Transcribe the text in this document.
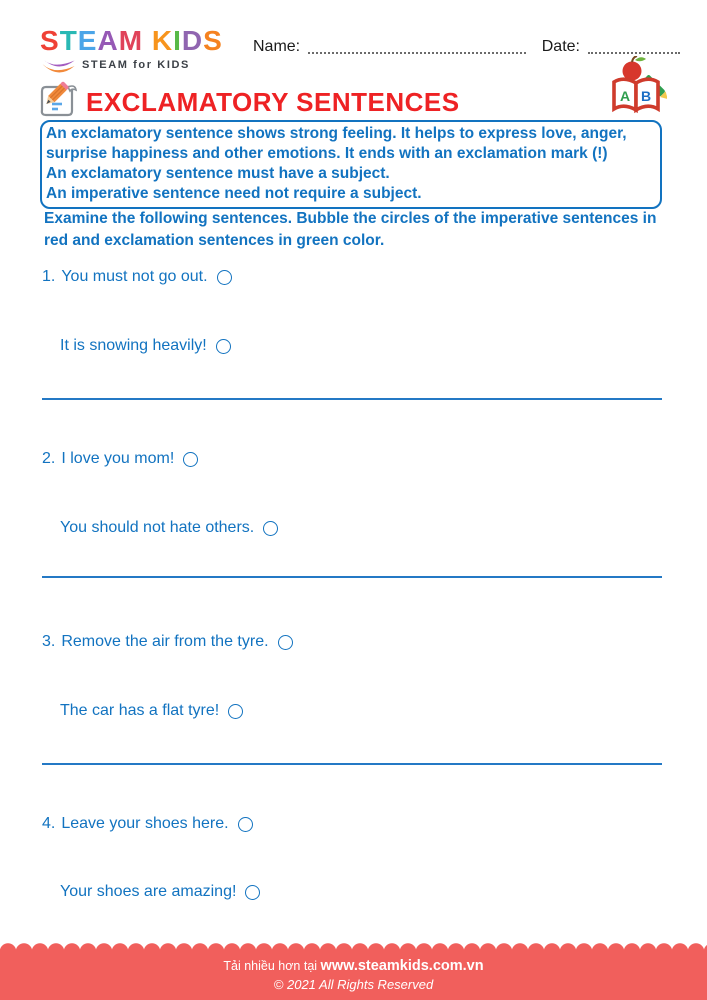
STEAM KIDS
STEAM for KIDS
Name:	Date:
EXCLAMATORY SENTENCES	A B
An exclamatory sentence shows strong feeling. It helps to express love, anger,
surprise happiness and other emotions. It ends with an exclamation mark (!)
An exclamatory sentence must have a subject.
An imperative sentence need not require a subject.
Examine the following sentences. Bubble the circles of the imperative sentences in red and exclamation sentences in green color.
1. You must not go out.
It is snowing heavily!
2. I love you mom!
You should not hate others.
3. Remove the air from the tyre.
The car has a flat tyre!
4. Leave your shoes here.
Your shoes are amazing!
Tải nhiều hơn tại www.steamkids.com.vn
© 2021 All Rights Reserved
